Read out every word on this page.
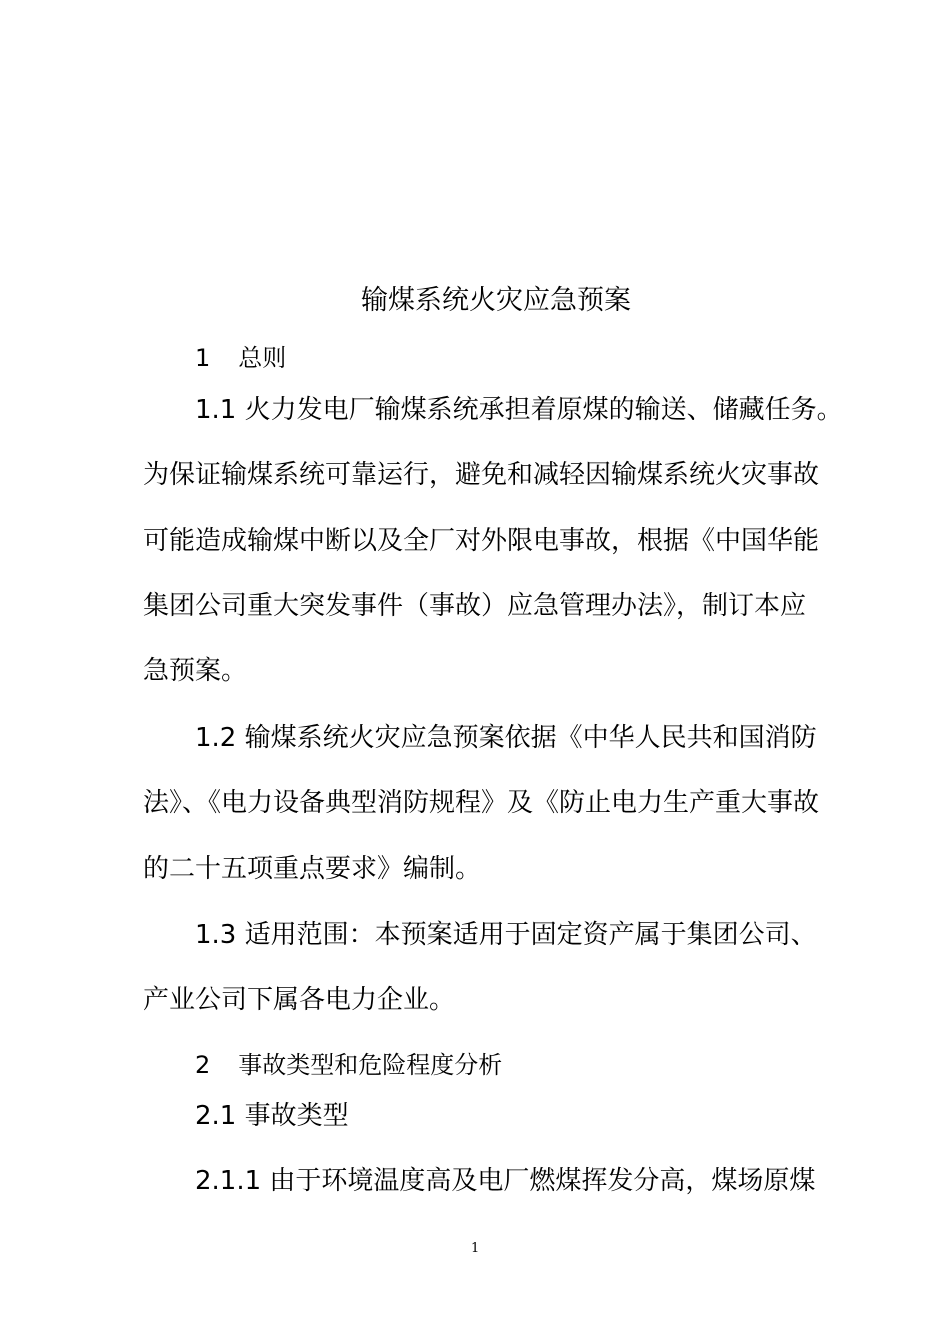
输煤系统火灾应急预案
1 总则
1.1 火力发电厂输煤系统承担着原煤的输送、储藏任务。
为保证输煤系统可靠运行，避免和减轻因输煤系统火灾事故
可能造成输煤中断以及全厂对外限电事故，根据《中国华能
集团公司重大突发事件（事故）应急管理办法》，制订本应
急预案。
1.2 输煤系统火灾应急预案依据《中华人民共和国消防
法》、《电力设备典型消防规程》及《防止电力生产重大事故
的二十五项重点要求》编制。
1.3 适用范围：本预案适用于固定资产属于集团公司、
产业公司下属各电力企业。
2 事故类型和危险程度分析
2.1 事故类型
2.1.1 由于环境温度高及电厂燃煤挥发分高，煤场原煤
1
